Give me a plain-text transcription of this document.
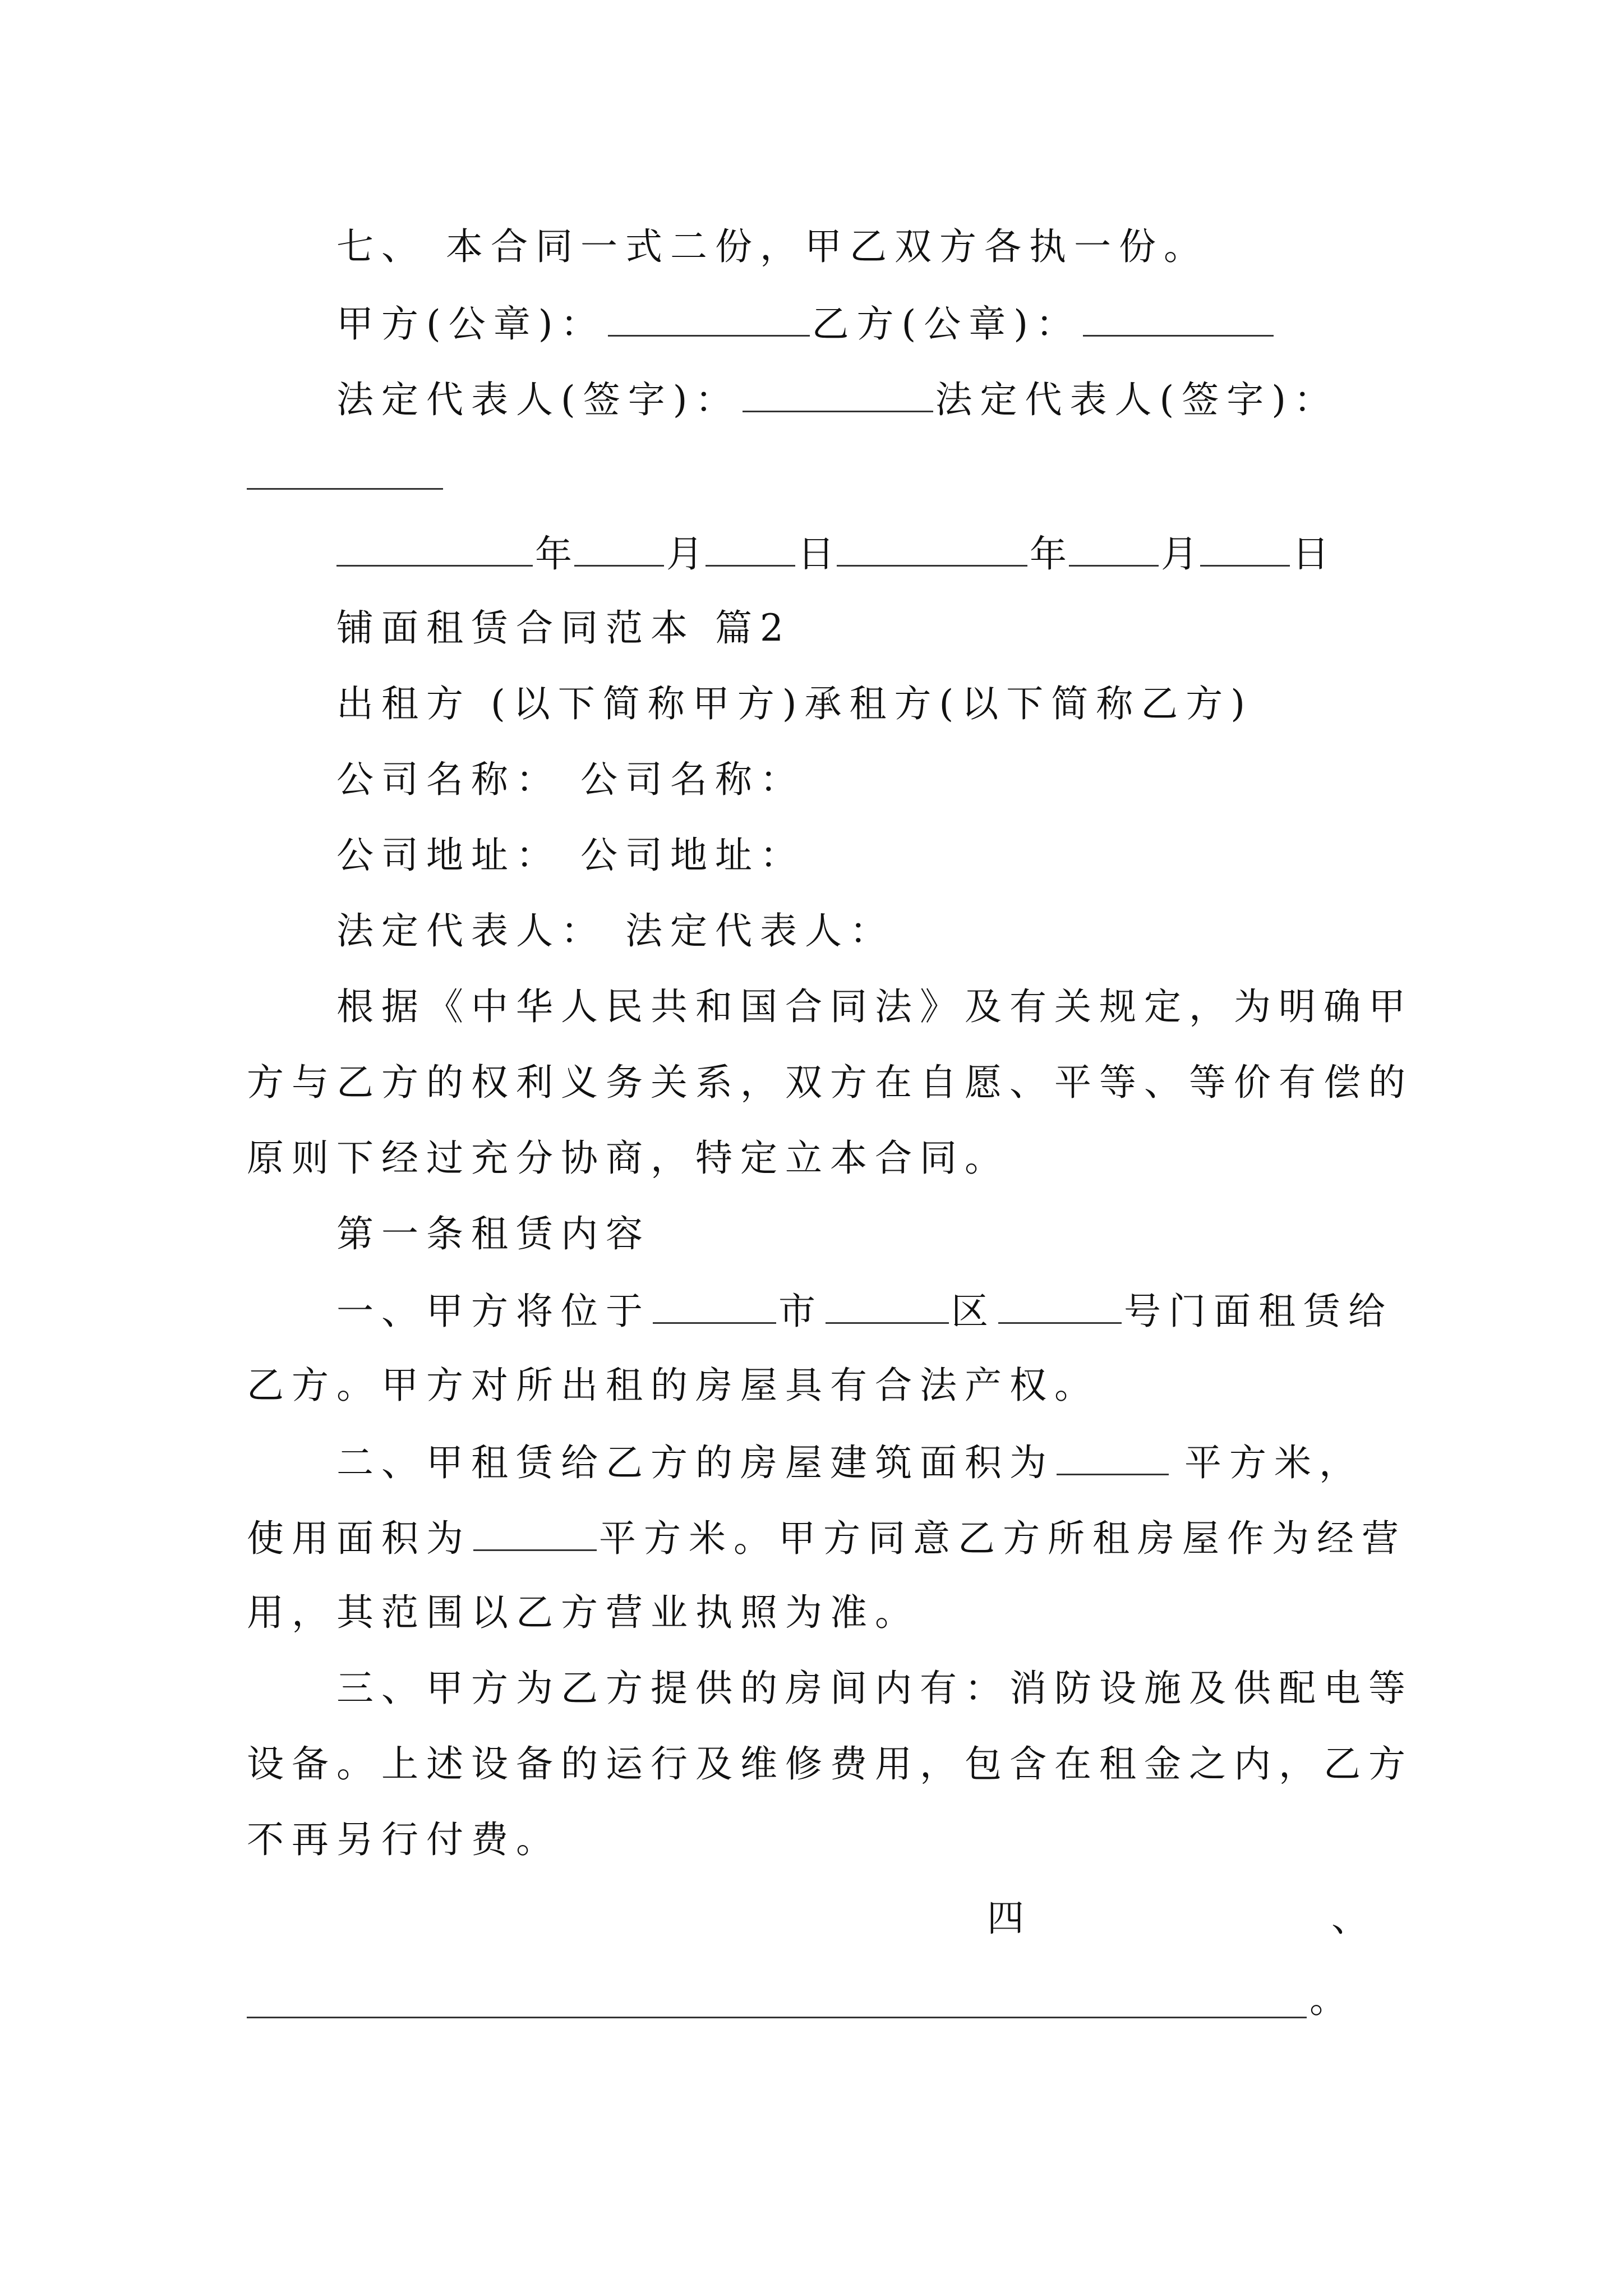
七、 本合同一式二份，甲乙双方各执一份。
甲方(公章)：	乙方(公章)：
法定代表人(签字)：	法定代表人(签字)：
年	月	日	年	月	日
铺面租赁合同范本 篇2
出租方 (以下简称甲方)承租方(以下简称乙方)
公司名称： 公司名称：
公司地址： 公司地址：
法定代表人： 法定代表人：
根据《中华人民共和国合同法》及有关规定，为明确甲
方与乙方的权利义务关系，双方在自愿、平等、等价有偿的
原则下经过充分协商，特定立本合同。
第一条租赁内容
一、甲方将位于	市	区	号门面租赁给
乙方。甲方对所出租的房屋具有合法产权。
二、甲租赁给乙方的房屋建筑面积为	平方米，
使用面积为	平方米。甲方同意乙方所租房屋作为经营
用，其范围以乙方营业执照为准。
三、甲方为乙方提供的房间内有：消防设施及供配电等
设备。上述设备的运行及维修费用，包含在租金之内，乙方
不再另行付费。
四	、
。
